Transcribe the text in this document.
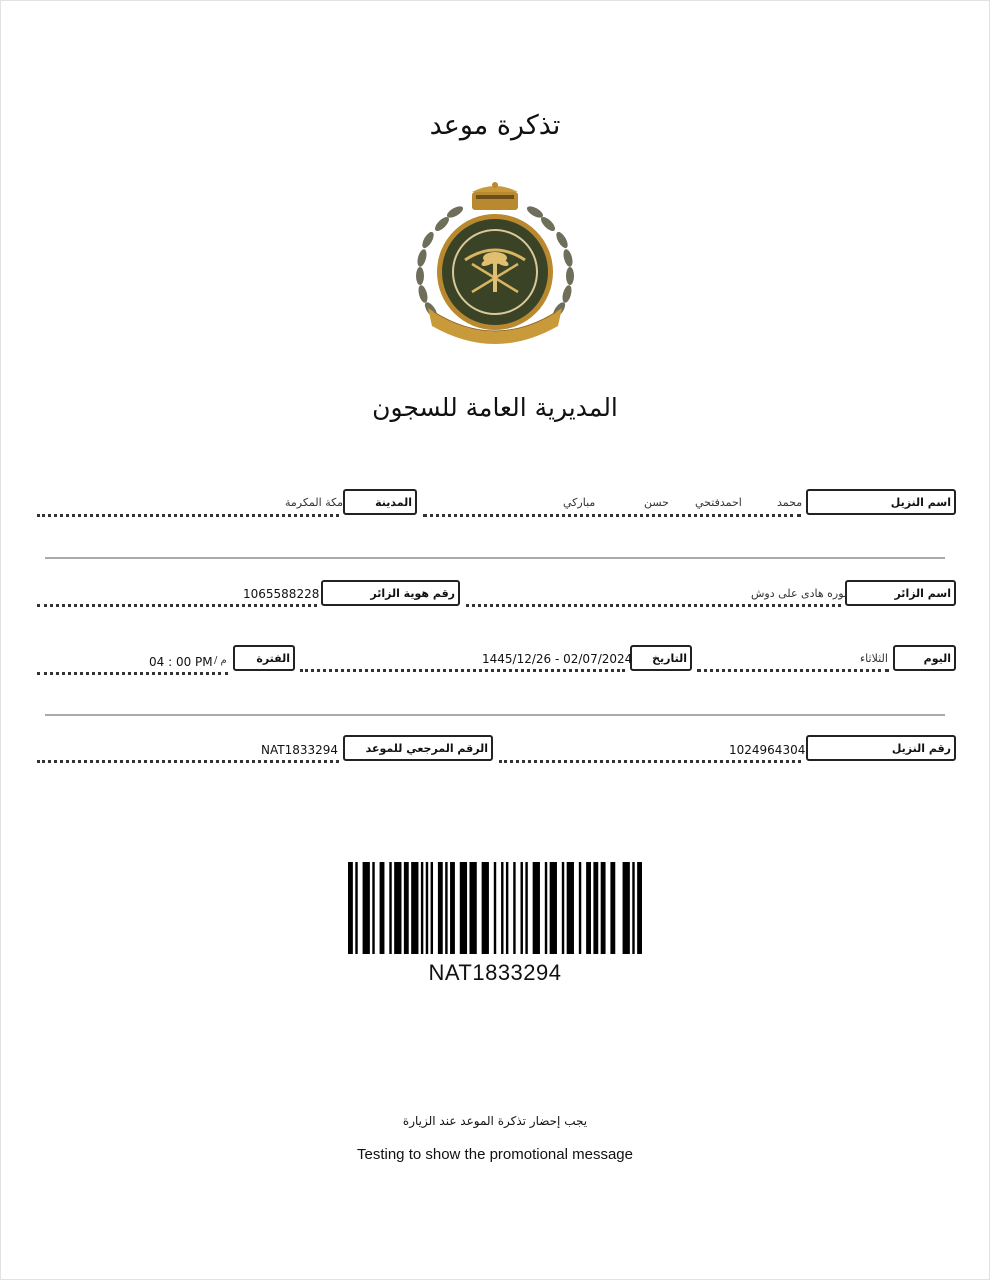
تذكرة موعد
المديرية العامة للسجون
اسم النزيل
محمد
احمدفتحي
حسن
مباركي
المدينة
مكة المكرمة
اسم الزائر
نوره هادى على دوش
رقم هوية الزائر
1065588228
اليوم
الثلاثاء
التاريخ
1445/12/26 - 02/07/2024
الفترة
04 : 00 PM م /
رقم النزيل
1024964304
الرقم المرجعي للموعد
NAT1833294
NAT1833294
يجب إحضار تذكرة الموعد عند الزيارة
Testing to show the promotional message
